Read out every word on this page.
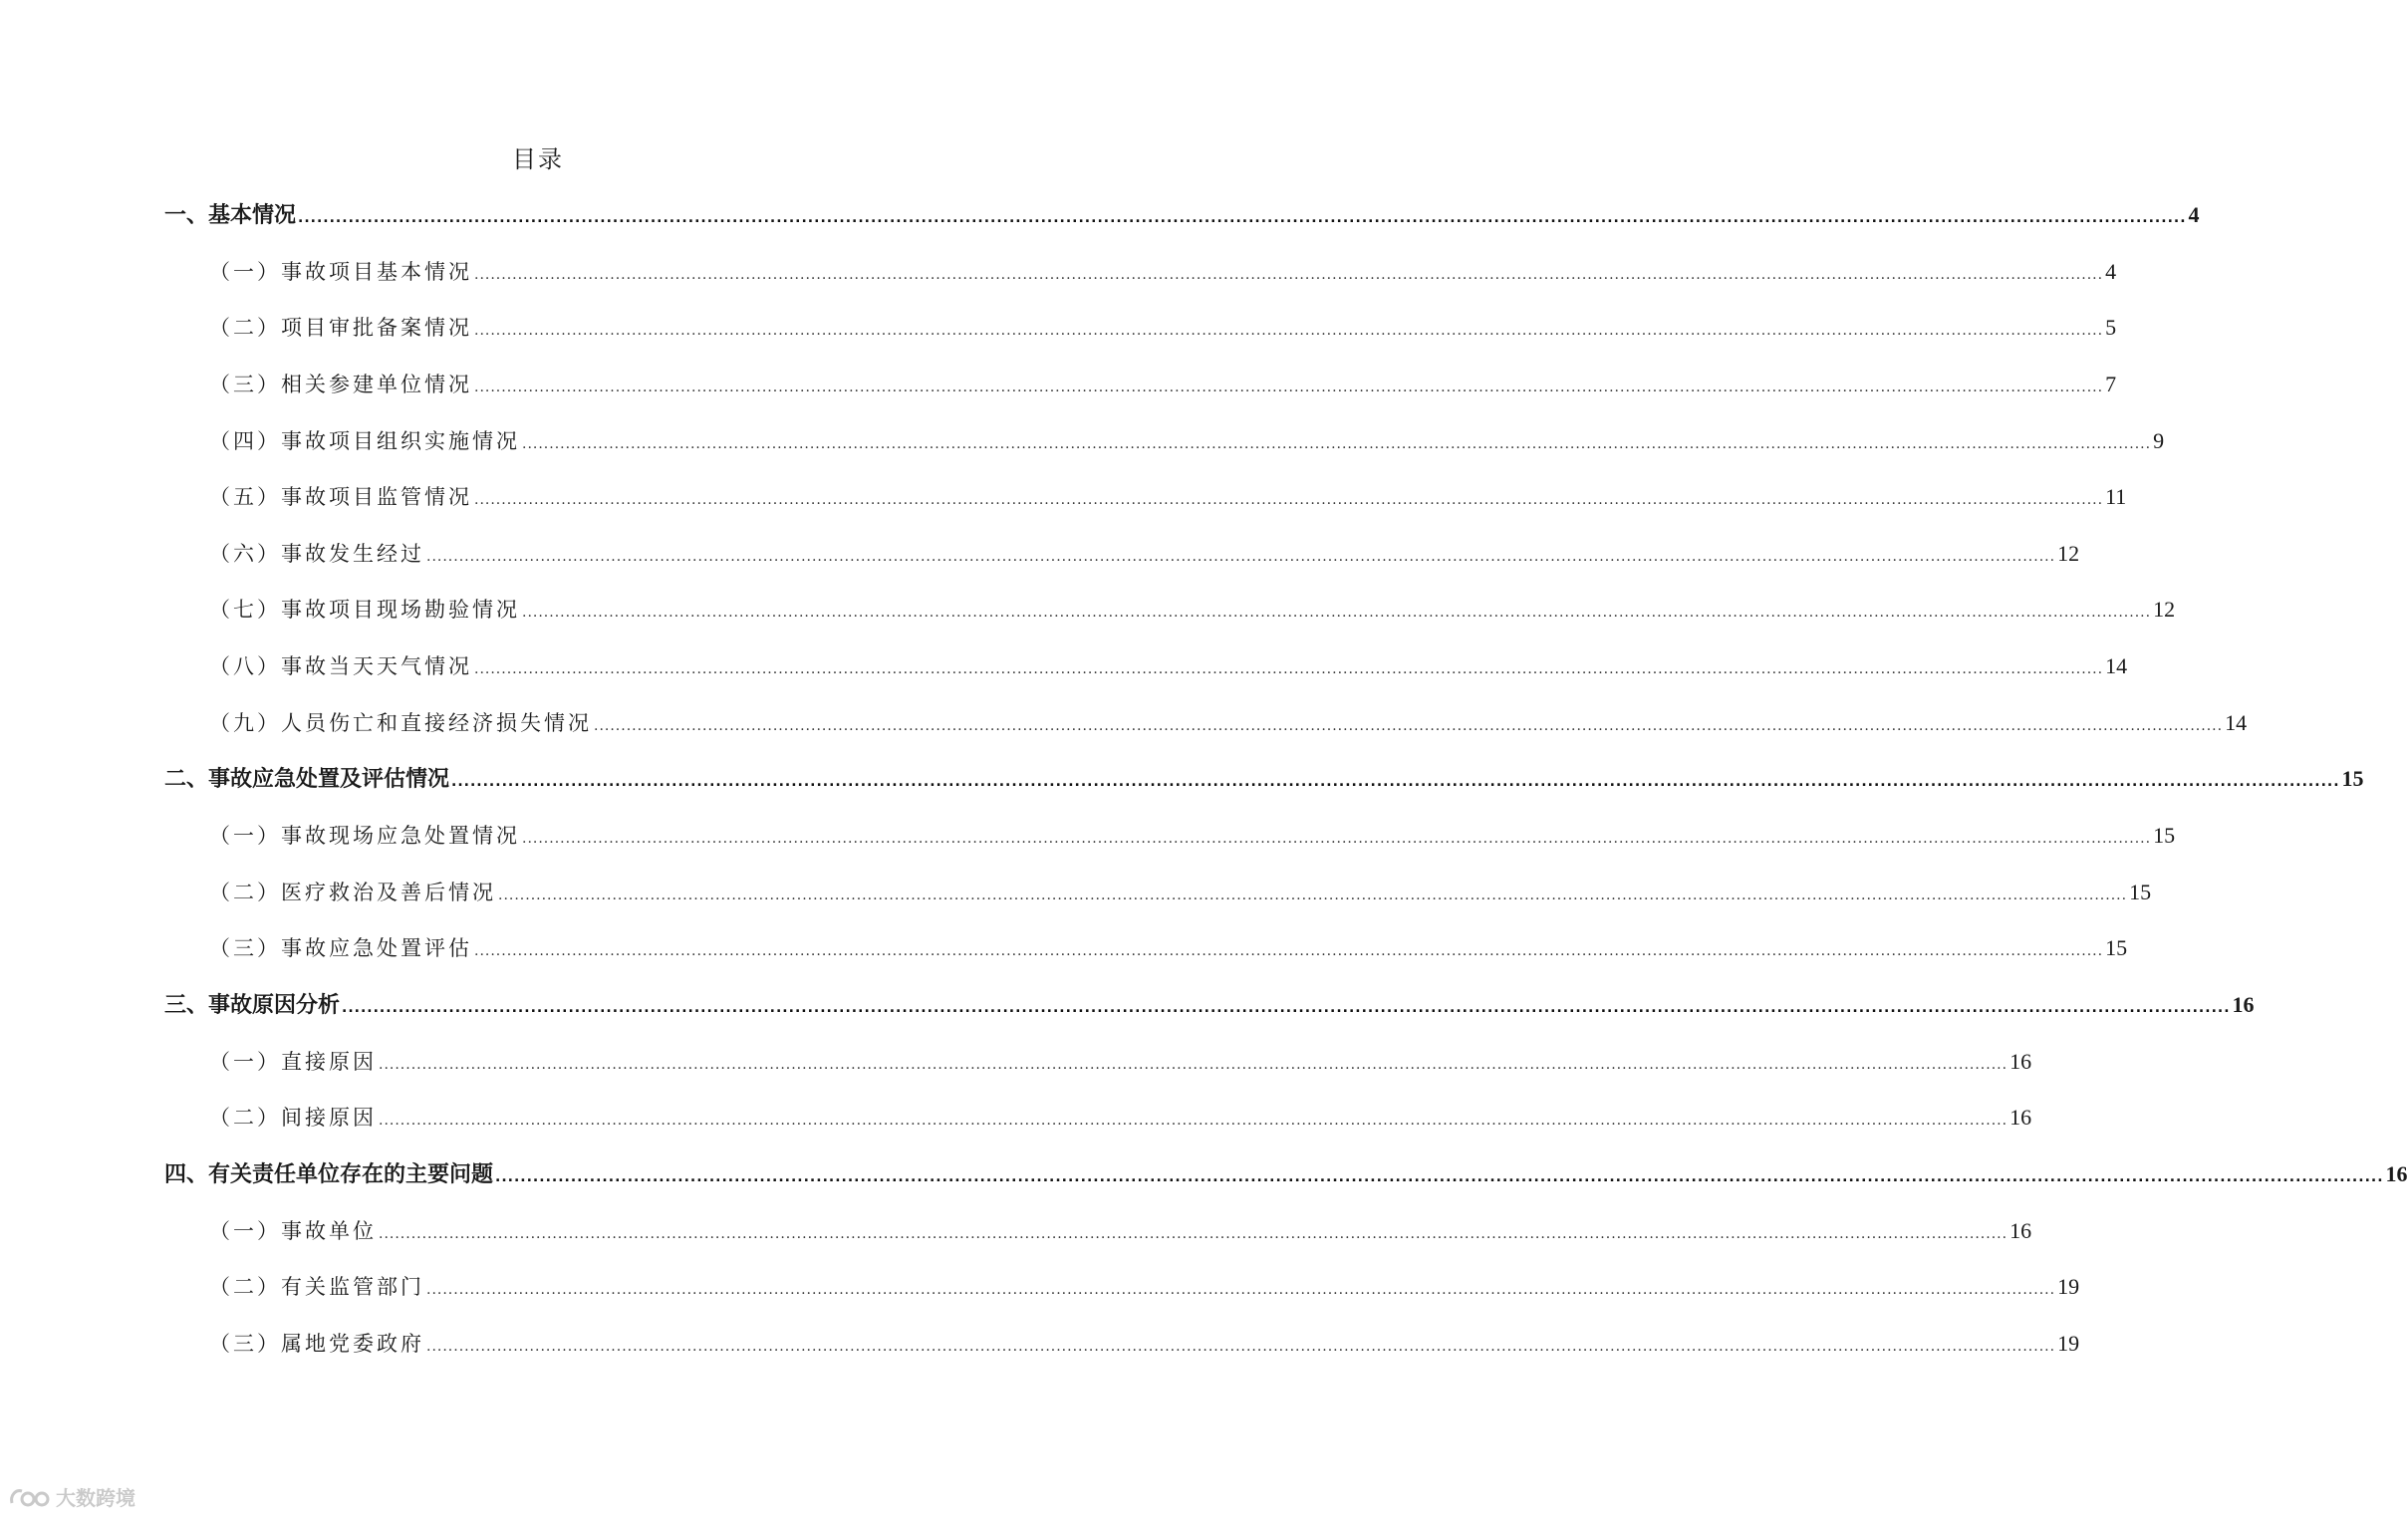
目录
一、基本情况 ............................................................................................................................................................................................................................................................................................................ 4
（一）事故项目基本情况 ............................................................................................................................................................................................................................................................................................................ 4
（二）项目审批备案情况 ............................................................................................................................................................................................................................................................................................................ 5
（三）相关参建单位情况 ............................................................................................................................................................................................................................................................................................................ 7
（四）事故项目组织实施情况 ............................................................................................................................................................................................................................................................................................................ 9
（五）事故项目监管情况 ............................................................................................................................................................................................................................................................................................................ 11
（六）事故发生经过 ............................................................................................................................................................................................................................................................................................................ 12
（七）事故项目现场勘验情况 ............................................................................................................................................................................................................................................................................................................ 12
（八）事故当天天气情况 ............................................................................................................................................................................................................................................................................................................ 14
（九）人员伤亡和直接经济损失情况 ............................................................................................................................................................................................................................................................................................................ 14
二、事故应急处置及评估情况 ............................................................................................................................................................................................................................................................................................................ 15
（一）事故现场应急处置情况 ............................................................................................................................................................................................................................................................................................................ 15
（二）医疗救治及善后情况 ............................................................................................................................................................................................................................................................................................................ 15
（三）事故应急处置评估 ............................................................................................................................................................................................................................................................................................................ 15
三、事故原因分析 ............................................................................................................................................................................................................................................................................................................ 16
（一）直接原因 ............................................................................................................................................................................................................................................................................................................ 16
（二）间接原因 ............................................................................................................................................................................................................................................................................................................ 16
四、有关责任单位存在的主要问题 ............................................................................................................................................................................................................................................................................................................ 16
（一）事故单位 ............................................................................................................................................................................................................................................................................................................ 16
（二）有关监管部门 ............................................................................................................................................................................................................................................................................................................ 19
（三）属地党委政府 ............................................................................................................................................................................................................................................................................................................ 19
大数跨境
